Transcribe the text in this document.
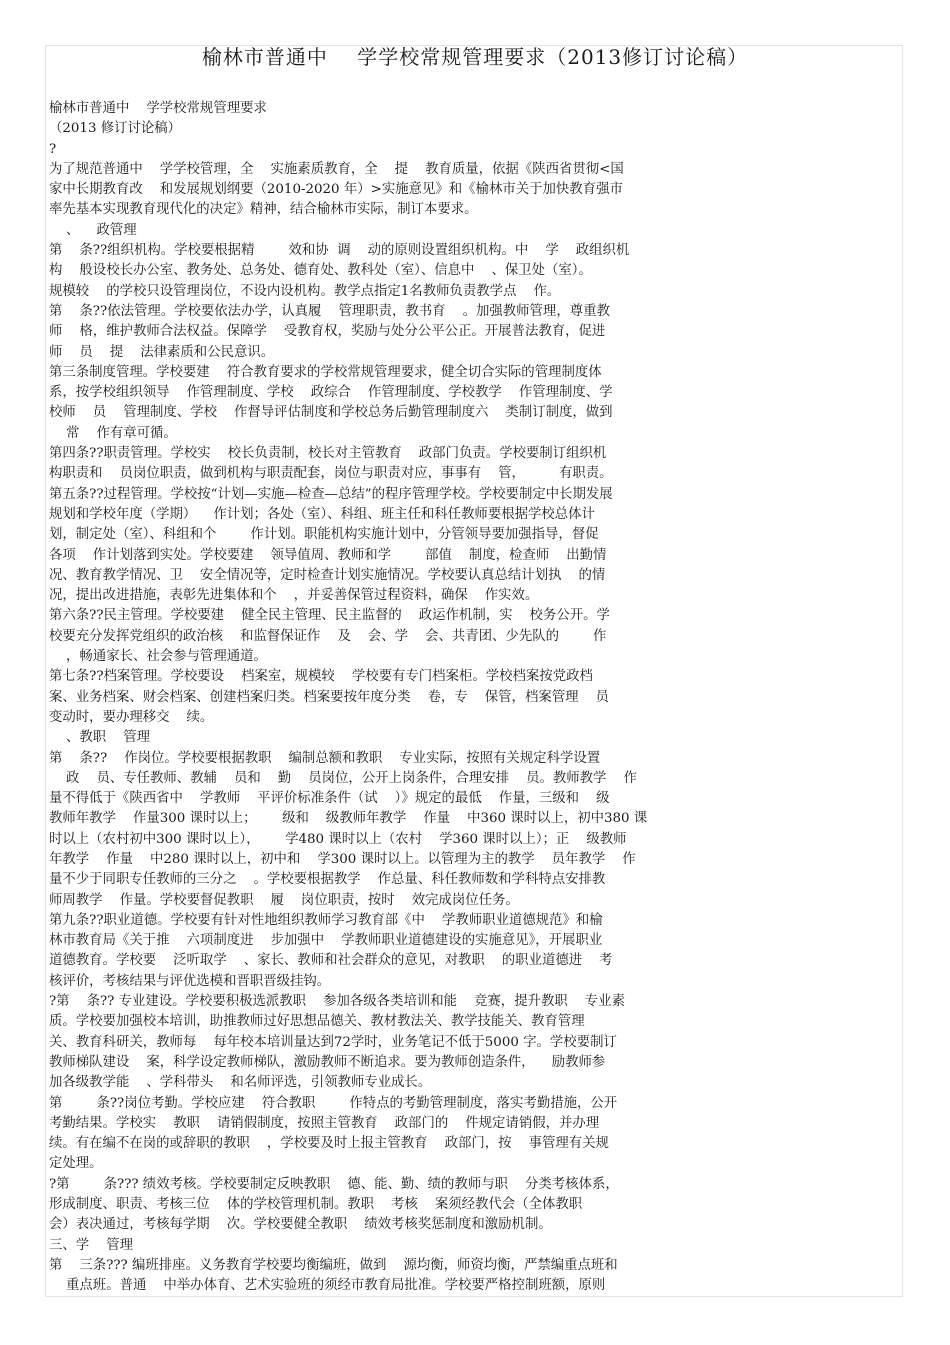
榆林市普通中    学学校常规管理要求（2013修订讨论稿）
榆林市普通中    学学校常规管理要求
（2013 修订讨论稿）
?
为了规范普通中    学学校管理，全    实施素质教育，全    提    教育质量，依据《陕西省贯彻<国
家中长期教育改    和发展规划纲要（2010-2020 年）>实施意见》和《榆林市关于加快教育强市
率先基本实现教育现代化的决定》精神，结合榆林市实际，制订本要求。
、    政管理
第    条??组织机构。学校要根据精        效和协  调    动的原则设置组织机构。中    学    政组织机
构    般设校长办公室、教务处、总务处、德育处、教科处（室）、信息中    、保卫处（室）。
规模较    的学校只设管理岗位，不设内设机构。教学点指定1名教师负责教学点    作。
第    条??依法管理。学校要依法办学，认真履    管理职责，教书育    。加强教师管理，尊重教
师    格，维护教师合法权益。保障学    受教育权，奖励与处分公平公正。开展普法教育，促进
师    员    提    法律素质和公民意识。
第三条制度管理。学校要建    符合教育要求的学校常规管理要求，健全切合实际的管理制度体
系，按学校组织领导    作管理制度、学校    政综合    作管理制度、学校教学    作管理制度、学
校师    员    管理制度、学校    作督导评估制度和学校总务后勤管理制度六    类制订制度，做到
常    作有章可循。
第四条??职责管理。学校实    校长负责制，校长对主管教育    政部门负责。学校要制订组织机
构职责和    员岗位职责，做到机构与职责配套，岗位与职责对应，事事有    管，        有职责。
第五条??过程管理。学校按“计划—实施—检查—总结”的程序管理学校。学校要制定中长期发展
规划和学校年度（学期）    作计划；各处（室）、科组、班主任和科任教师要根据学校总体计
划，制定处（室）、科组和个        作计划。职能机构实施计划中，分管领导要加强指导，督促
各项    作计划落到实处。学校要建    领导值周、教师和学        部值    制度，检查师    出勤情
况、教育教学情况、卫    安全情况等，定时检查计划实施情况。学校要认真总结计划执    的情
况，提出改进措施，表彰先进集体和个    ，并妥善保管过程资料，确保    作实效。
第六条??民主管理。学校要建    健全民主管理、民主监督的    政运作机制，实    校务公开。学
校要充分发挥党组织的政治核    和监督保证作    及    会、学    会、共青团、少先队的        作
，畅通家长、社会参与管理通道。
第七条??档案管理。学校要设    档案室，规模较    学校要有专门档案柜。学校档案按党政档
案、业务档案、财会档案、创建档案归类。档案要按年度分类    卷，专    保管，档案管理    员
变动时，要办理移交    续。
、教职    管理
第    条??    作岗位。学校要根据教职    编制总额和教职    专业实际，按照有关规定科学设置
政    员、专任教师、教辅    员和    勤    员岗位，公开上岗条件，合理安排    员。教师教学    作
量不得低于《陕西省中    学教师    平评价标准条件（试    ）》规定的最低    作量，三级和    级
教师年教学    作量300 课时以上；      级和    级教师年教学    作量    中360 课时以上，初中380 课
时以上（农村初中300 课时以上），      学480 课时以上（农村    学360 课时以上）；正    级教师
年教学    作量    中280 课时以上，初中和    学300 课时以上。以管理为主的教学    员年教学    作
量不少于同职专任教师的三分之    。学校要根据教学    作总量、科任教师数和学科特点安排教
师周教学    作量。学校要督促教职    履    岗位职责，按时    效完成岗位任务。
第九条??职业道德。学校要有针对性地组织教师学习教育部《中    学教师职业道德规范》和榆
林市教育局《关于推    六项制度进    步加强中    学教师职业道德建设的实施意见》，开展职业
道德教育。学校要    泛听取学    、家长、教师和社会群众的意见，对教职    的职业道德进    考
核评价，考核结果与评优选模和晋职晋级挂钩。
?第    条?? 专业建设。学校要积极选派教职    参加各级各类培训和能    竞赛，提升教职    专业素
质。学校要加强校本培训，助推教师过好思想品德关、教材教法关、教学技能关、教育管理
关、教育科研关，教师每    每年校本培训量达到72学时，业务笔记不低于5000 字。学校要制订
教师梯队建设    案，科学设定教师梯队，激励教师不断追求。要为教师创造条件，    励教师参
加各级教学能    、学科带头    和名师评选，引领教师专业成长。
第        条??岗位考勤。学校应建    符合教职        作特点的考勤管理制度，落实考勤措施，公开
考勤结果。学校实    教职    请销假制度，按照主管教育    政部门的    件规定请销假，并办理
续。有在编不在岗的或辞职的教职    ，学校要及时上报主管教育    政部门，按    事管理有关规
定处理。
?第        条??? 绩效考核。学校要制定反映教职    德、能、勤、绩的教师与职    分类考核体系，
形成制度、职责、考核三位    体的学校管理机制。教职    考核    案须经教代会（全体教职
会）表决通过，考核每学期    次。学校要健全教职    绩效考核奖惩制度和激励机制。
三、学    管理
第    三条??? 编班排座。义务教育学校要均衡编班，做到    源均衡，师资均衡，严禁编重点班和
重点班。普通    中举办体育、艺术实验班的须经市教育局批准。学校要严格控制班额，原则
